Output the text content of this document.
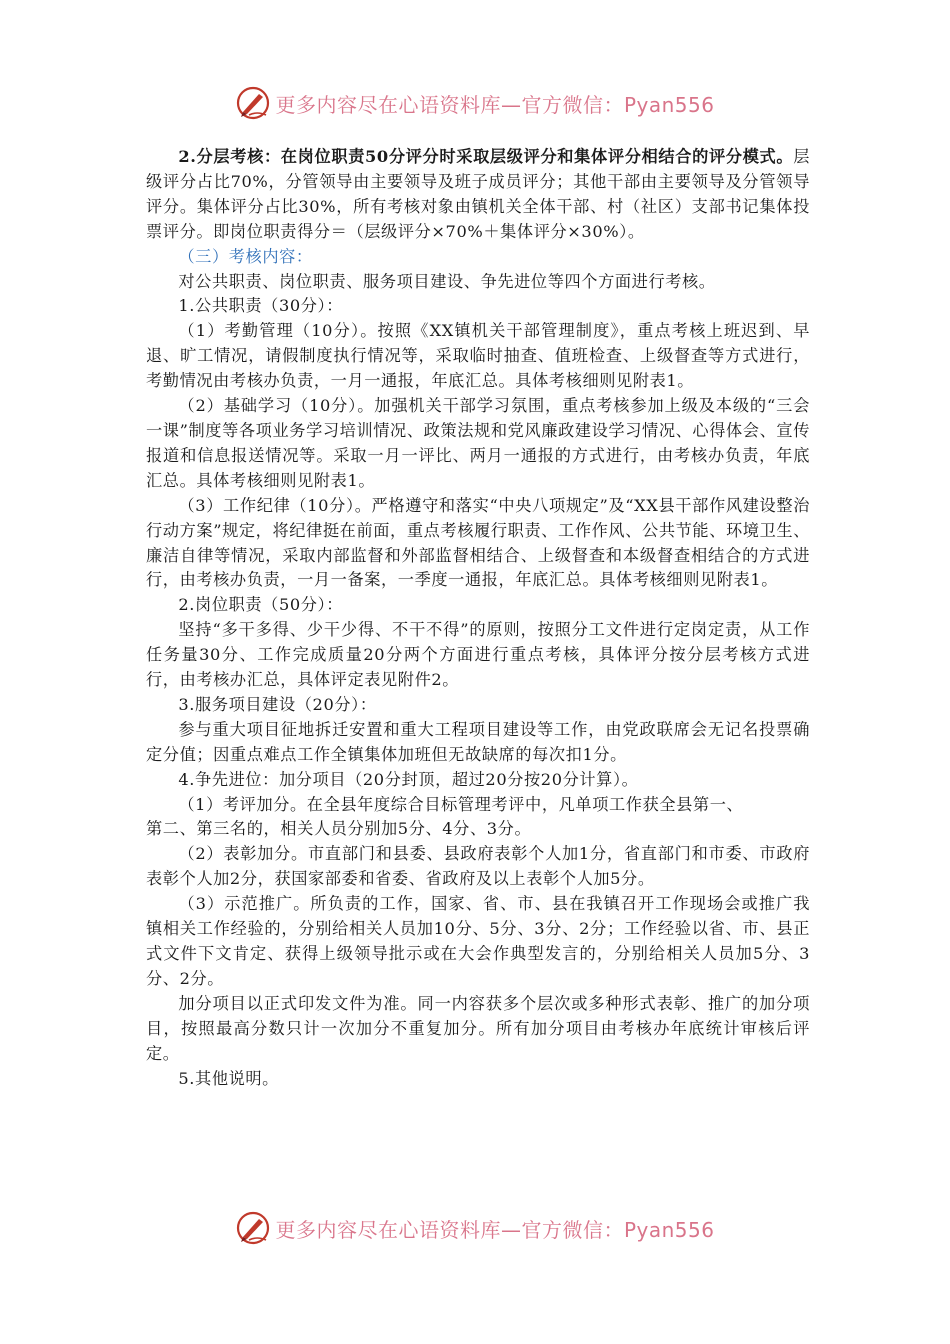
更多内容尽在心语资料库—官方微信：Pyan556

2.分层考核：在岗位职责50分评分时采取层级评分和集体评分相结合的评分模式。层级评分占比70%，分管领导由主要领导及班子成员评分；其他干部由主要领导及分管领导评分。集体评分占比30%，所有考核对象由镇机关全体干部、村（社区）支部书记集体投票评分。即岗位职责得分＝（层级评分×70%＋集体评分×30%）。

（三）考核内容：

对公共职责、岗位职责、服务项目建设、争先进位等四个方面进行考核。

1.公共职责（30分）：

（1）考勤管理（10分）。按照《XX镇机关干部管理制度》，重点考核上班迟到、早退、旷工情况，请假制度执行情况等，采取临时抽查、值班检查、上级督查等方式进行，考勤情况由考核办负责，一月一通报，年底汇总。具体考核细则见附表1。

（2）基础学习（10分）。加强机关干部学习氛围，重点考核参加上级及本级的“三会一课”制度等各项业务学习培训情况、政策法规和党风廉政建设学习情况、心得体会、宣传报道和信息报送情况等。采取一月一评比、两月一通报的方式进行，由考核办负责，年底汇总。具体考核细则见附表1。

（3）工作纪律（10分）。严格遵守和落实“中央八项规定”及“XX县干部作风建设整治行动方案”规定，将纪律挺在前面，重点考核履行职责、工作作风、公共节能、环境卫生、廉洁自律等情况，采取内部监督和外部监督相结合、上级督查和本级督查相结合的方式进行，由考核办负责，一月一备案，一季度一通报，年底汇总。具体考核细则见附表1。

2.岗位职责（50分）：

坚持“多干多得、少干少得、不干不得”的原则，按照分工文件进行定岗定责，从工作任务量30分、工作完成质量20分两个方面进行重点考核，具体评分按分层考核方式进行，由考核办汇总，具体评定表见附件2。

3.服务项目建设（20分）：

参与重大项目征地拆迁安置和重大工程项目建设等工作，由党政联席会无记名投票确定分值；因重点难点工作全镇集体加班但无故缺席的每次扣1分。

4.争先进位：加分项目（20分封顶，超过20分按20分计算）。

（1）考评加分。在全县年度综合目标管理考评中，凡单项工作获全县第一、

第二、第三名的，相关人员分别加5分、4分、3分。

（2）表彰加分。市直部门和县委、县政府表彰个人加1分，省直部门和市委、市政府表彰个人加2分，获国家部委和省委、省政府及以上表彰个人加5分。

（3）示范推广。所负责的工作，国家、省、市、县在我镇召开工作现场会或推广我镇相关工作经验的，分别给相关人员加10分、5分、3分、2分；工作经验以省、市、县正式文件下文肯定、获得上级领导批示或在大会作典型发言的，分别给相关人员加5分、3分、2分。

加分项目以正式印发文件为准。同一内容获多个层次或多种形式表彰、推广的加分项目，按照最高分数只计一次加分不重复加分。所有加分项目由考核办年底统计审核后评定。

5.其他说明。

更多内容尽在心语资料库—官方微信：Pyan556
